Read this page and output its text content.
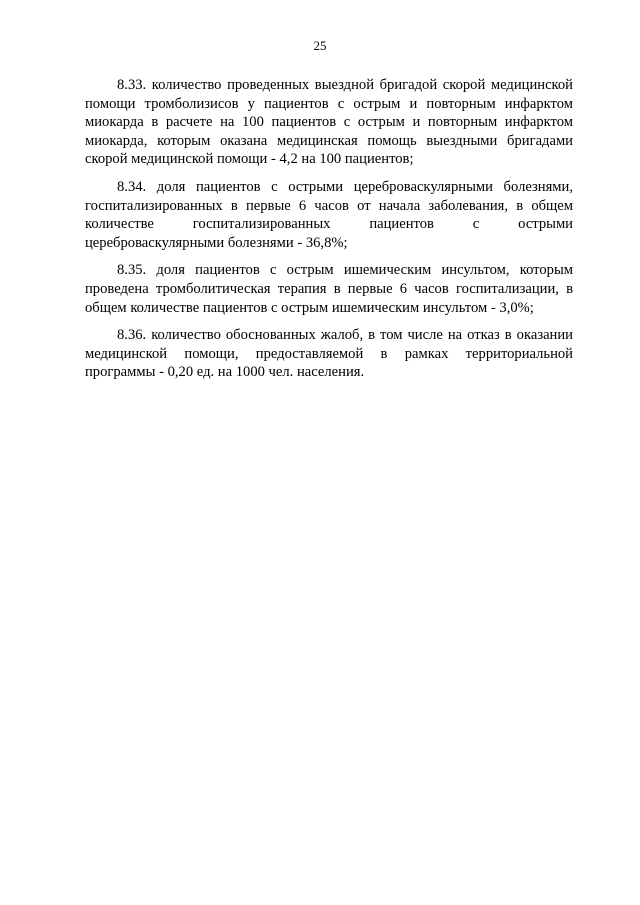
25

8.33. количество проведенных выездной бригадой скорой медицинской помощи тромболизисов у пациентов с острым и повторным инфарктом миокарда в расчете на 100 пациентов с острым и повторным инфарктом миокарда, которым оказана медицинская помощь выездными бригадами скорой медицинской помощи - 4,2 на 100 пациентов;

8.34. доля пациентов с острыми цереброваскулярными болезнями, госпитализированных в первые 6 часов от начала заболевания, в общем количестве госпитализированных пациентов с острыми цереброваскулярными болезнями - 36,8%;

8.35. доля пациентов с острым ишемическим инсультом, которым проведена тромболитическая терапия в первые 6 часов госпитализации, в общем количестве пациентов с острым ишемическим инсультом - 3,0%;

8.36. количество обоснованных жалоб, в том числе на отказ в оказании медицинской помощи, предоставляемой в рамках территориальной программы - 0,20 ед. на 1000 чел. населения.
